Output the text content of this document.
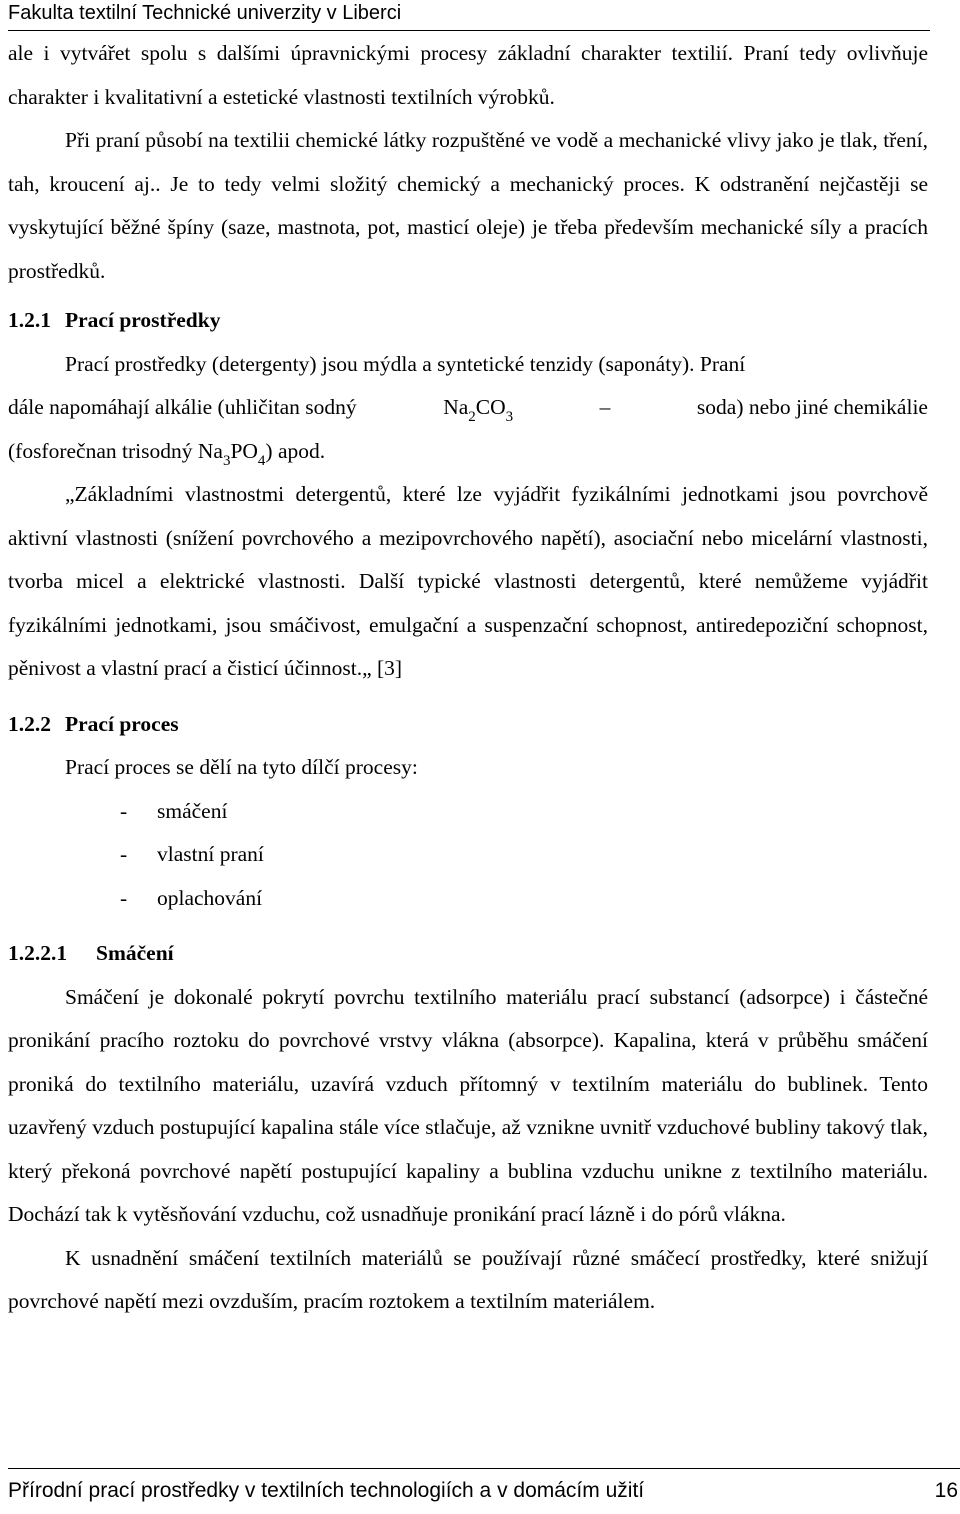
Fakulta textilní Technické univerzity v Liberci

ale i vytvářet spolu s dalšími úpravnickými procesy základní charakter textilií. Praní tedy ovlivňuje charakter i kvalitativní a estetické vlastnosti textilních výrobků.

Při praní působí na textilii chemické látky rozpuštěné ve vodě a mechanické vlivy jako je tlak, tření, tah, kroucení aj.. Je to tedy velmi složitý chemický a mechanický proces. K odstranění nejčastěji se vyskytující běžné špíny (saze, mastnota, pot, masticí oleje) je třeba především mechanické síly a pracích prostředků.

1.2.1 Prací prostředky

Prací prostředky (detergenty) jsou mýdla a syntetické tenzidy (saponáty). Praní

dále napomáhají alkálie (uhličitan sodný	$Na_2CO_3$	–	soda) nebo jiné chemikálie

(fosforečnan trisodný $Na_3PO_4$) apod.

„Základními vlastnostmi detergentů, které lze vyjádřit fyzikálními jednotkami jsou povrchově aktivní vlastnosti (snížení povrchového a mezipovrchového napětí), asociační nebo micelární vlastnosti, tvorba micel a elektrické vlastnosti. Další typické vlastnosti detergentů, které nemůžeme vyjádřit fyzikálními jednotkami, jsou smáčivost, emulgační a suspenzační schopnost, antiredepoziční schopnost, pěnivost a vlastní prací a čisticí účinnost.„ [3]

1.2.2 Prací proces

Prací proces se dělí na tyto dílčí procesy:

- smáčení
- vlastní praní
- oplachování
1.2.2.1 Smáčení

Smáčení je dokonalé pokrytí povrchu textilního materiálu prací substancí (adsorpce) i částečné pronikání pracího roztoku do povrchové vrstvy vlákna (absorpce). Kapalina, která v průběhu smáčení proniká do textilního materiálu, uzavírá vzduch přítomný v textilním materiálu do bublinek. Tento uzavřený vzduch postupující kapalina stále více stlačuje, až vznikne uvnitř vzduchové bubliny takový tlak, který překoná povrchové napětí postupující kapaliny a bublina vzduchu unikne z textilního materiálu. Dochází tak k vytěsňování vzduchu, což usnadňuje pronikání prací lázně i do pórů vlákna.

K usnadnění smáčení textilních materiálů se používají různé smáčecí prostředky, které snižují povrchové napětí mezi ovzduším, pracím roztokem a textilním materiálem.

Přírodní prací prostředky v textilních technologiích a v domácím užití	16
